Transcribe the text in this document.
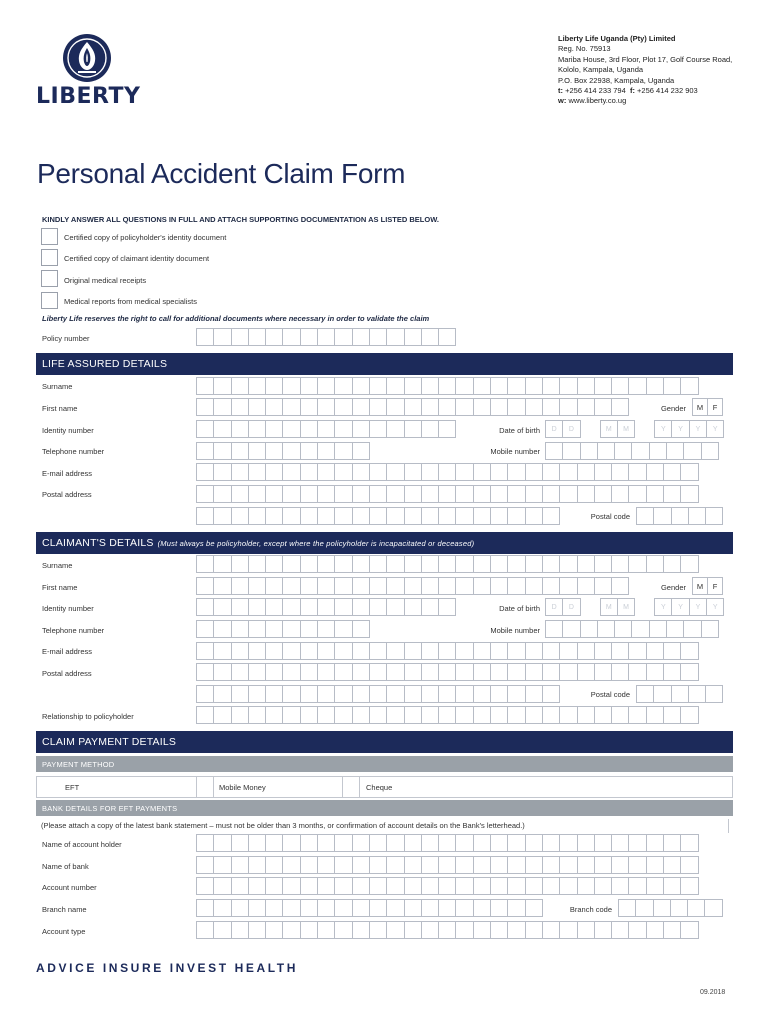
LIBERTY
Liberty Life Uganda (Pty) Limited
Reg. No. 75913
Mariba House, 3rd Floor, Plot 17, Golf Course Road,
Kololo, Kampala, Uganda
P.O. Box 22938, Kampala, Uganda
t: +256 414 233 794 f: +256 414 232 903
w: www.liberty.co.ug
Personal Accident Claim Form
KINDLY ANSWER ALL QUESTIONS IN FULL AND ATTACH SUPPORTING DOCUMENTATION AS LISTED BELOW.
Certified copy of policyholder's identity document
Certified copy of claimant identity document
Original medical receipts
Medical reports from medical specialists
Liberty Life reserves the right to call for additional documents where necessary in order to validate the claim
Policy number
LIFE ASSURED DETAILS
Surname
First name	Gender	M	F
Identity number	Date of birth	D	D	M	M	Y	Y	Y	Y
Telephone number	Mobile number
E-mail address
Postal address
Postal code
CLAIMANT'S DETAILS (Must always be policyholder, except where the policyholder is incapacitated or deceased)
Surname
First name	Gender	M	F
Identity number	Date of birth	D	D	M	M	Y	Y	Y	Y
Telephone number	Mobile number
E-mail address
Postal address
Postal code
Relationship to policyholder
CLAIM PAYMENT DETAILS
PAYMENT METHOD
EFT	Mobile Money	Cheque
BANK DETAILS FOR EFT PAYMENTS
(Please attach a copy of the latest bank statement – must not be older than 3 months, or confirmation of account details on the Bank's letterhead.)
Name of account holder
Name of bank
Account number
Branch name	Branch code
Account type
ADVICE INSURE INVEST HEALTH
09.2018
